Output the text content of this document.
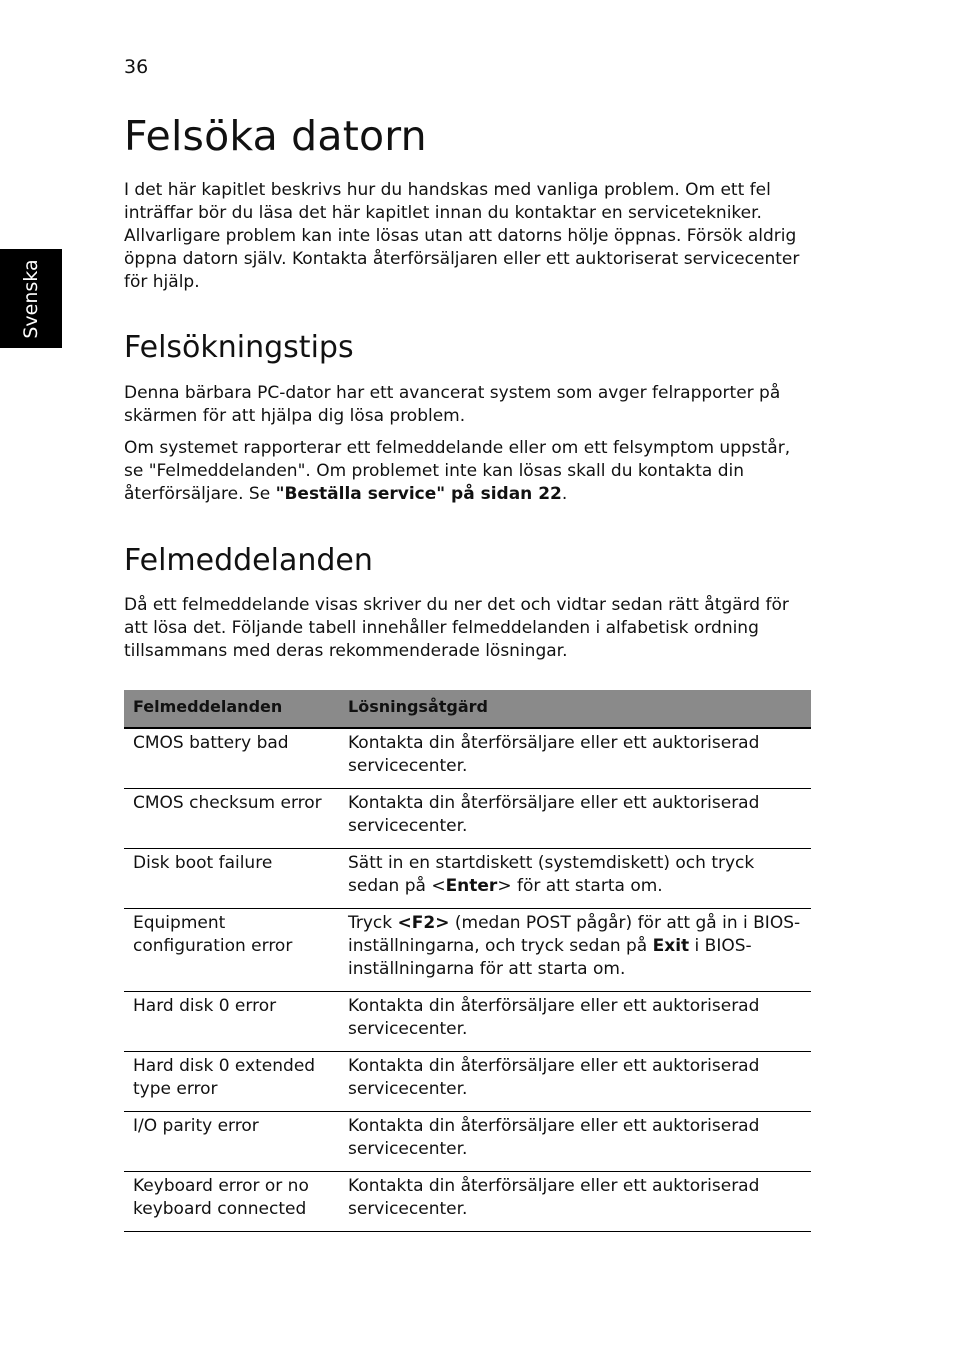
36
Svenska
Felsöka datorn

I det här kapitlet beskrivs hur du handskas med vanliga problem. Om ett fel inträffar bör du läsa det här kapitlet innan du kontaktar en servicetekniker. Allvarligare problem kan inte lösas utan att datorns hölje öppnas. Försök aldrig öppna datorn själv. Kontakta återförsäljaren eller ett auktoriserat servicecenter för hjälp.

Felsökningstips

Denna bärbara PC-dator har ett avancerat system som avger felrapporter på skärmen för att hjälpa dig lösa problem.

Om systemet rapporterar ett felmeddelande eller om ett felsymptom uppstår, se "Felmeddelanden". Om problemet inte kan lösas skall du kontakta din återförsäljare. Se "Beställa service" på sidan 22.

Felmeddelanden

Då ett felmeddelande visas skriver du ner det och vidtar sedan rätt åtgärd för att lösa det. Följande tabell innehåller felmeddelanden i alfabetisk ordning tillsammans med deras rekommenderade lösningar.

Felmeddelanden	Lösningsåtgärd
CMOS battery bad	Kontakta din återförsäljare eller ett auktoriserad servicecenter.
CMOS checksum error	Kontakta din återförsäljare eller ett auktoriserad servicecenter.
Disk boot failure	Sätt in en startdiskett (systemdiskett) och tryck sedan på <Enter> för att starta om.
Equipment configuration error	Tryck <F2> (medan POST pågår) för att gå in i BIOS-inställningarna, och tryck sedan på Exit i BIOS-inställningarna för att starta om.
Hard disk 0 error	Kontakta din återförsäljare eller ett auktoriserad servicecenter.
Hard disk 0 extended type error	Kontakta din återförsäljare eller ett auktoriserad servicecenter.
I/O parity error	Kontakta din återförsäljare eller ett auktoriserad servicecenter.
Keyboard error or no keyboard connected	Kontakta din återförsäljare eller ett auktoriserad servicecenter.
